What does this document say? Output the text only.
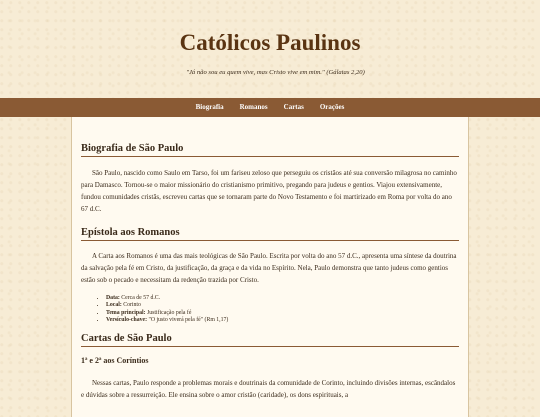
Católicos Paulinos

"Já não sou eu quem vive, mas Cristo vive em mim." (Gálatas 2,20)

Biografia	Romanos	Cartas	Orações
Biografia de São Paulo

São Paulo, nascido como Saulo em Tarso, foi um fariseu zeloso que perseguiu os cristãos até sua conversão milagrosa no caminho para Damasco. Tornou-se o maior missionário do cristianismo primitivo, pregando para judeus e gentios. Viajou extensivamente, fundou comunidades cristãs, escreveu cartas que se tornaram parte do Novo Testamento e foi martirizado em Roma por volta do ano 67 d.C.

Epístola aos Romanos

A Carta aos Romanos é uma das mais teológicas de São Paulo. Escrita por volta do ano 57 d.C., apresenta uma síntese da doutrina da salvação pela fé em Cristo, da justificação, da graça e da vida no Espírito. Nela, Paulo demonstra que tanto judeus como gentios estão sob o pecado e necessitam da redenção trazida por Cristo.

• Data: Cerca de 57 d.C.
• Local: Corinto
• Tema principal: Justificação pela fé
• Versículo-chave: "O justo viverá pela fé" (Rm 1,17)
Cartas de São Paulo
1ª e 2ª aos Coríntios

Nessas cartas, Paulo responde a problemas morais e doutrinais da comunidade de Corinto, incluindo divisões internas, escândalos e dúvidas sobre a ressurreição. Ele ensina sobre o amor cristão (caridade), os dons espirituais, a
